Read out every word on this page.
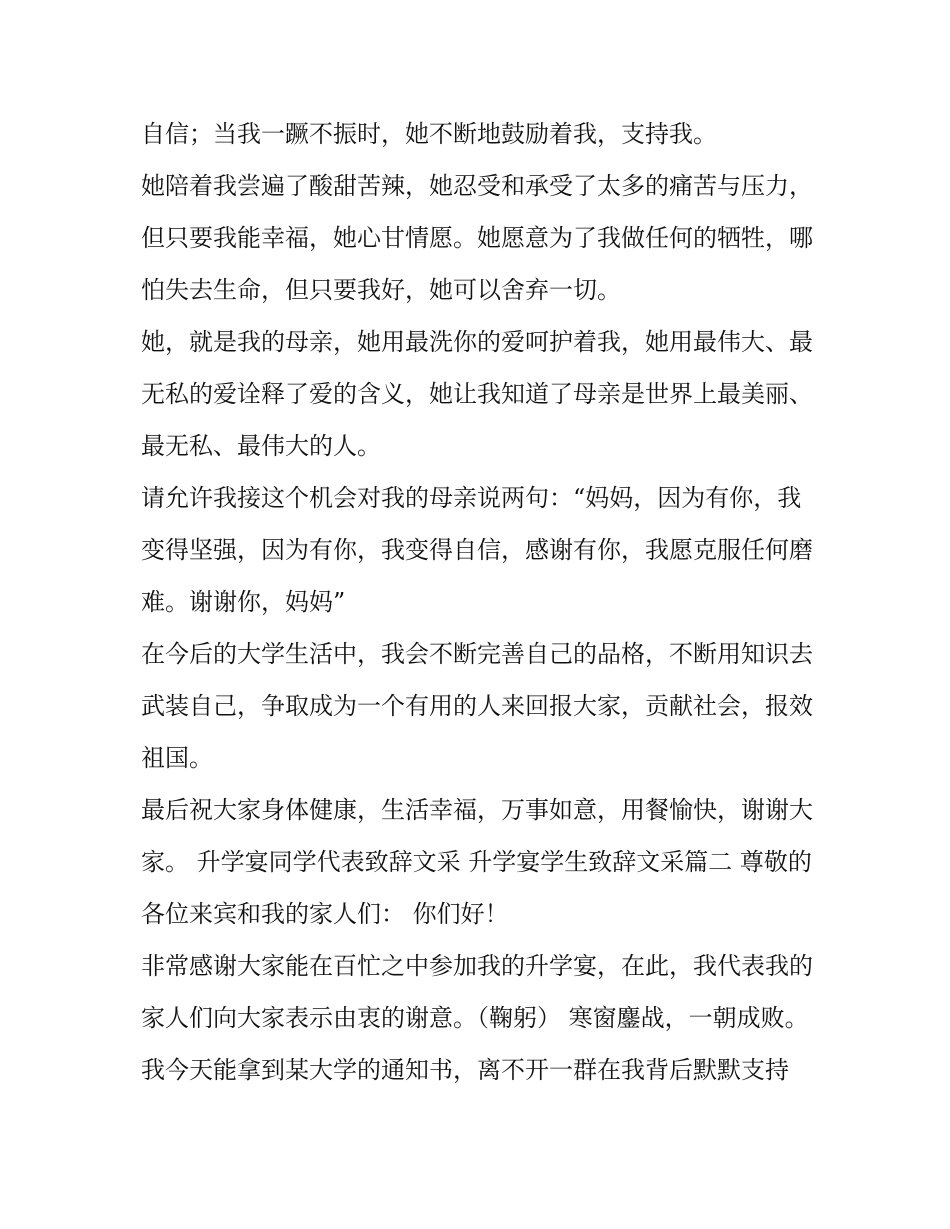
自信；当我一蹶不振时，她不断地鼓励着我，支持我。

她陪着我尝遍了酸甜苦辣，她忍受和承受了太多的痛苦与压力，但只要我能幸福，她心甘情愿。她愿意为了我做任何的牺牲，哪怕失去生命，但只要我好，她可以舍弃一切。

她，就是我的母亲，她用最洗你的爱呵护着我，她用最伟大、最无私的爱诠释了爱的含义，她让我知道了母亲是世界上最美丽、最无私、最伟大的人。

请允许我接这个机会对我的母亲说两句：“妈妈，因为有你，我变得坚强，因为有你，我变得自信，感谢有你，我愿克服任何磨难。谢谢你，妈妈”

在今后的大学生活中，我会不断完善自己的品格，不断用知识去武装自己，争取成为一个有用的人来回报大家，贡献社会，报效祖国。

最后祝大家身体健康，生活幸福，万事如意，用餐愉快，谢谢大家。 升学宴同学代表致辞文采 升学宴学生致辞文采篇二 尊敬的各位来宾和我的家人们： 你们好！

非常感谢大家能在百忙之中参加我的升学宴，在此，我代表我的家人们向大家表示由衷的谢意。（鞠躬） 寒窗鏖战，一朝成败。

我今天能拿到某大学的通知书，离不开一群在我背后默默支持
